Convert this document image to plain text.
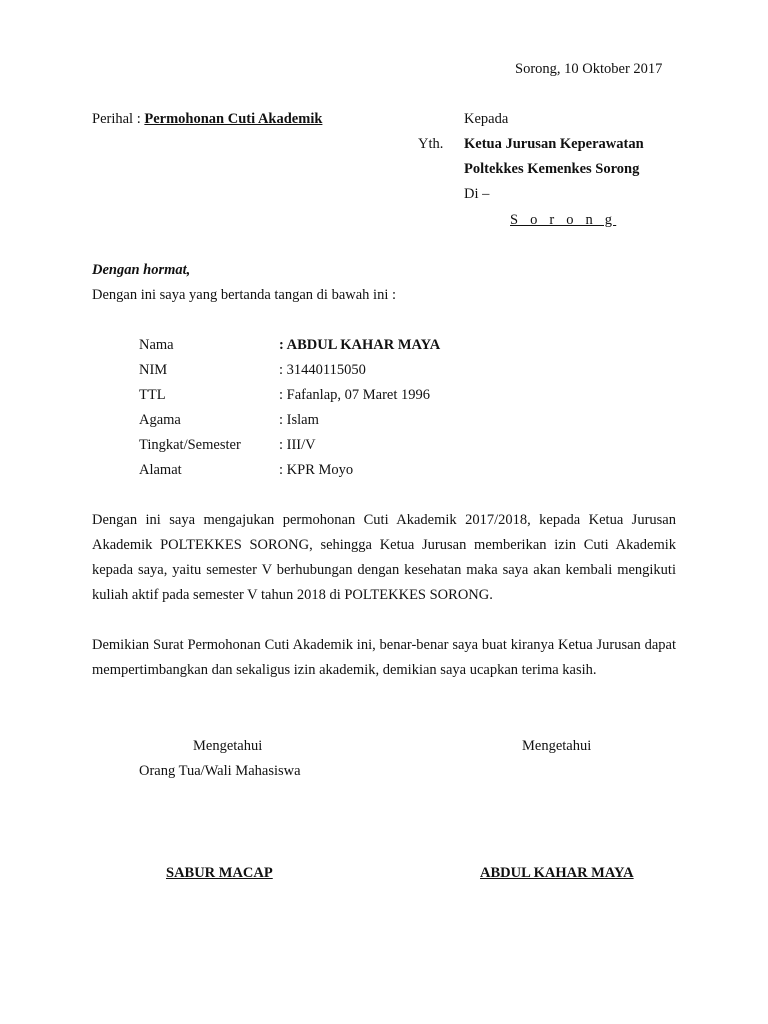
Sorong, 10 Oktober 2017
Perihal : Permohonan Cuti Akademik	Kepada
Yth. Ketua Jurusan Keperawatan
Poltekkes Kemenkes Sorong
Di –
S o r o n g
Dengan hormat,
Dengan ini saya yang bertanda tangan di bawah ini :
Nama	: ABDUL KAHAR MAYA
NIM	: 31440115050
TTL	: Fafanlap, 07 Maret 1996
Agama	: Islam
Tingkat/Semester	: III/V
Alamat	: KPR Moyo
Dengan ini saya mengajukan permohonan Cuti Akademik 2017/2018, kepada Ketua Jurusan Akademik POLTEKKES SORONG, sehingga Ketua Jurusan memberikan izin Cuti Akademik kepada saya, yaitu semester V berhubungan dengan kesehatan maka saya akan kembali mengikuti kuliah aktif pada semester V tahun 2018 di POLTEKKES SORONG.
Demikian Surat Permohonan Cuti Akademik ini, benar-benar saya buat kiranya Ketua Jurusan dapat mempertimbangkan dan sekaligus izin akademik, demikian saya ucapkan terima kasih.
Mengetahui
Orang Tua/Wali Mahasiswa
SABUR MACAP
Mengetahui
ABDUL KAHAR MAYA
